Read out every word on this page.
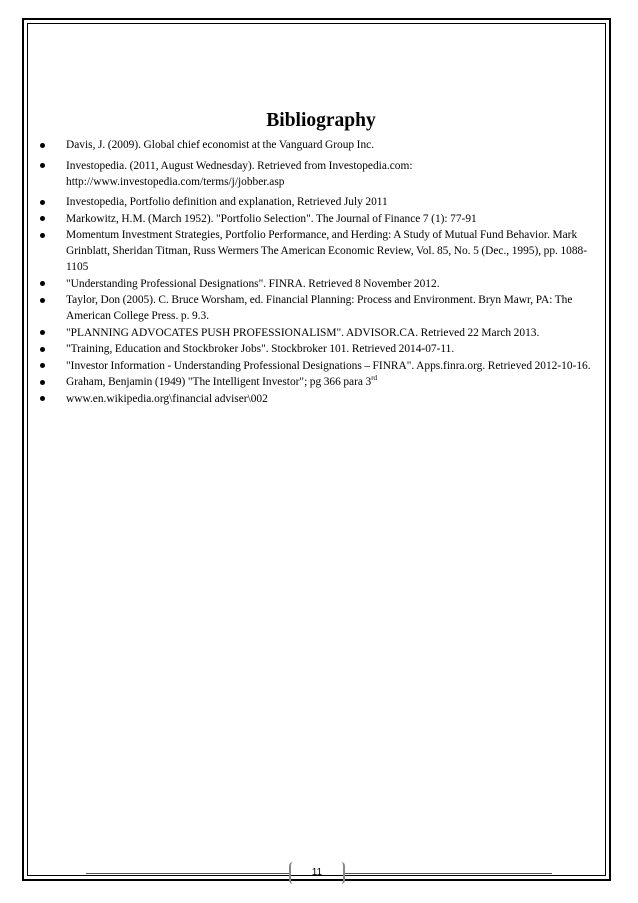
Bibliography
Davis, J. (2009). Global chief economist at the Vanguard Group Inc.
Investopedia. (2011, August Wednesday). Retrieved from Investopedia.com: http://www.investopedia.com/terms/j/jobber.asp
Investopedia, Portfolio definition and explanation, Retrieved July 2011
Markowitz, H.M. (March 1952). "Portfolio Selection". The Journal of Finance 7 (1): 77-91
Momentum Investment Strategies, Portfolio Performance, and Herding: A Study of Mutual Fund Behavior. Mark Grinblatt, Sheridan Titman, Russ Wermers The American Economic Review, Vol. 85, No. 5 (Dec., 1995), pp. 1088-1105
"Understanding Professional Designations". FINRA. Retrieved 8 November 2012.
Taylor, Don (2005). C. Bruce Worsham, ed. Financial Planning: Process and Environment. Bryn Mawr, PA: The American College Press. p. 9.3.
"PLANNING ADVOCATES PUSH PROFESSIONALISM". ADVISOR.CA. Retrieved 22 March 2013.
"Training, Education and Stockbroker Jobs". Stockbroker 101. Retrieved 2014-07-11.
"Investor Information - Understanding Professional Designations – FINRA". Apps.finra.org. Retrieved 2012-10-16.
Graham, Benjamin (1949) "The Intelligent Investor"; pg 366 para 3rd
www.en.wikipedia.org\financial adviser\002
11
